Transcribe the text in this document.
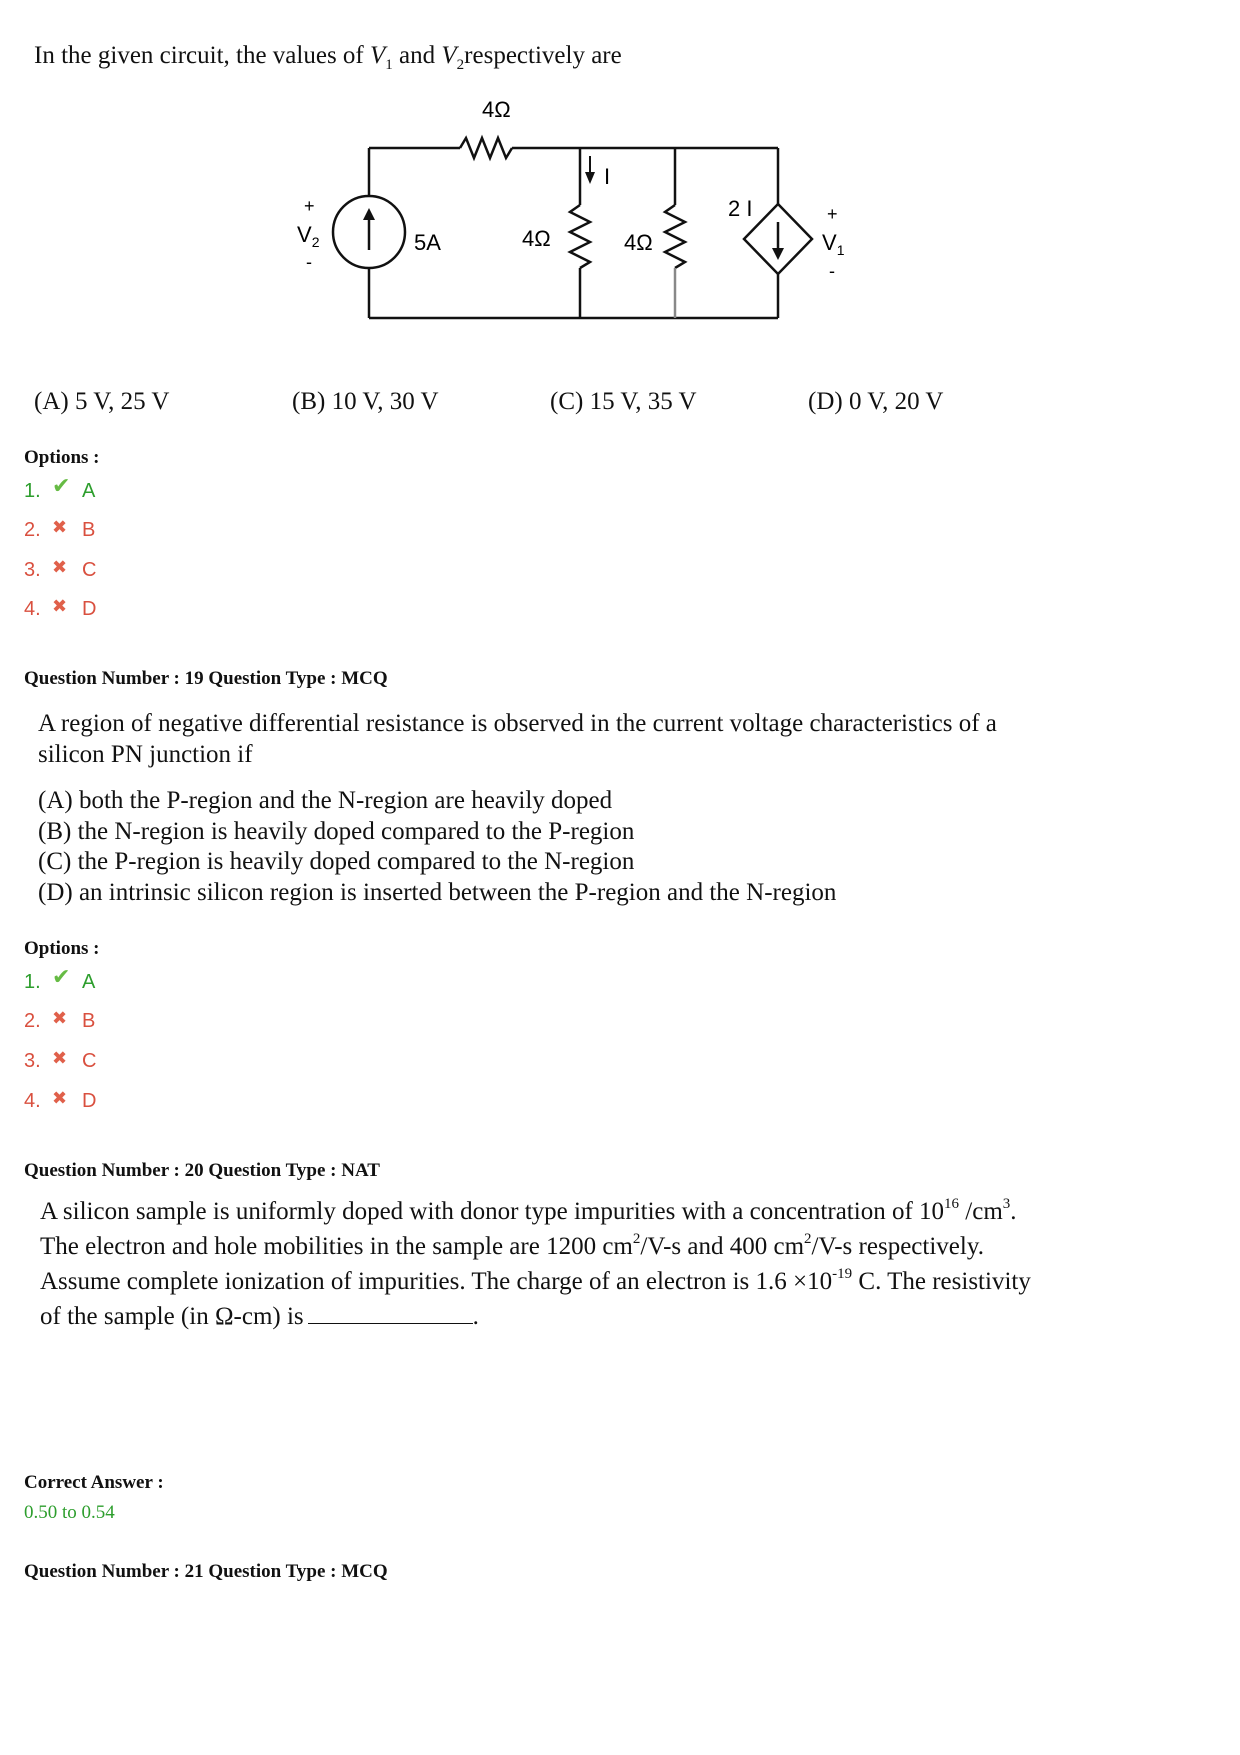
In the given circuit, the values of $V_1$ and $V_2respectively$ are
4Ω
5A	4Ω	4Ω
I
2 I
+
$V_2$
-
+
$V_1$
-
(A) 5 V, 25 V	(B) 10 V, 30 V	(C) 15 V, 35 V	(D) 0 V, 20 V
Options :
1. ✔ A
2. ✖ B
3. ✖ C
4. ✖ D
Question Number : 19 Question Type : MCQ
A region of negative differential resistance is observed in the current voltage characteristics of a
silicon PN junction if
(A) both the P-region and the N-region are heavily doped
(B) the N-region is heavily doped compared to the P-region
(C) the P-region is heavily doped compared to the N-region
(D) an intrinsic silicon region is inserted between the P-region and the N-region
Options :
1. ✔ A
2. ✖ B
3. ✖ C
4. ✖ D
Question Number : 20 Question Type : NAT
A silicon sample is uniformly doped with donor type impurities with a concentration of $10^{16}$ $/cm^3$.
The electron and hole mobilities in the sample are 1200 $cm^2/V-s$ and 400 $cm^2/V-s$ respectively.
Assume complete ionization of impurities. The charge of an electron is $1.6 \times 10^{-19}$ C. The resistivity
of the sample (in Ω-cm) is	.
Correct Answer :
0.50 to 0.54
Question Number : 21 Question Type : MCQ
